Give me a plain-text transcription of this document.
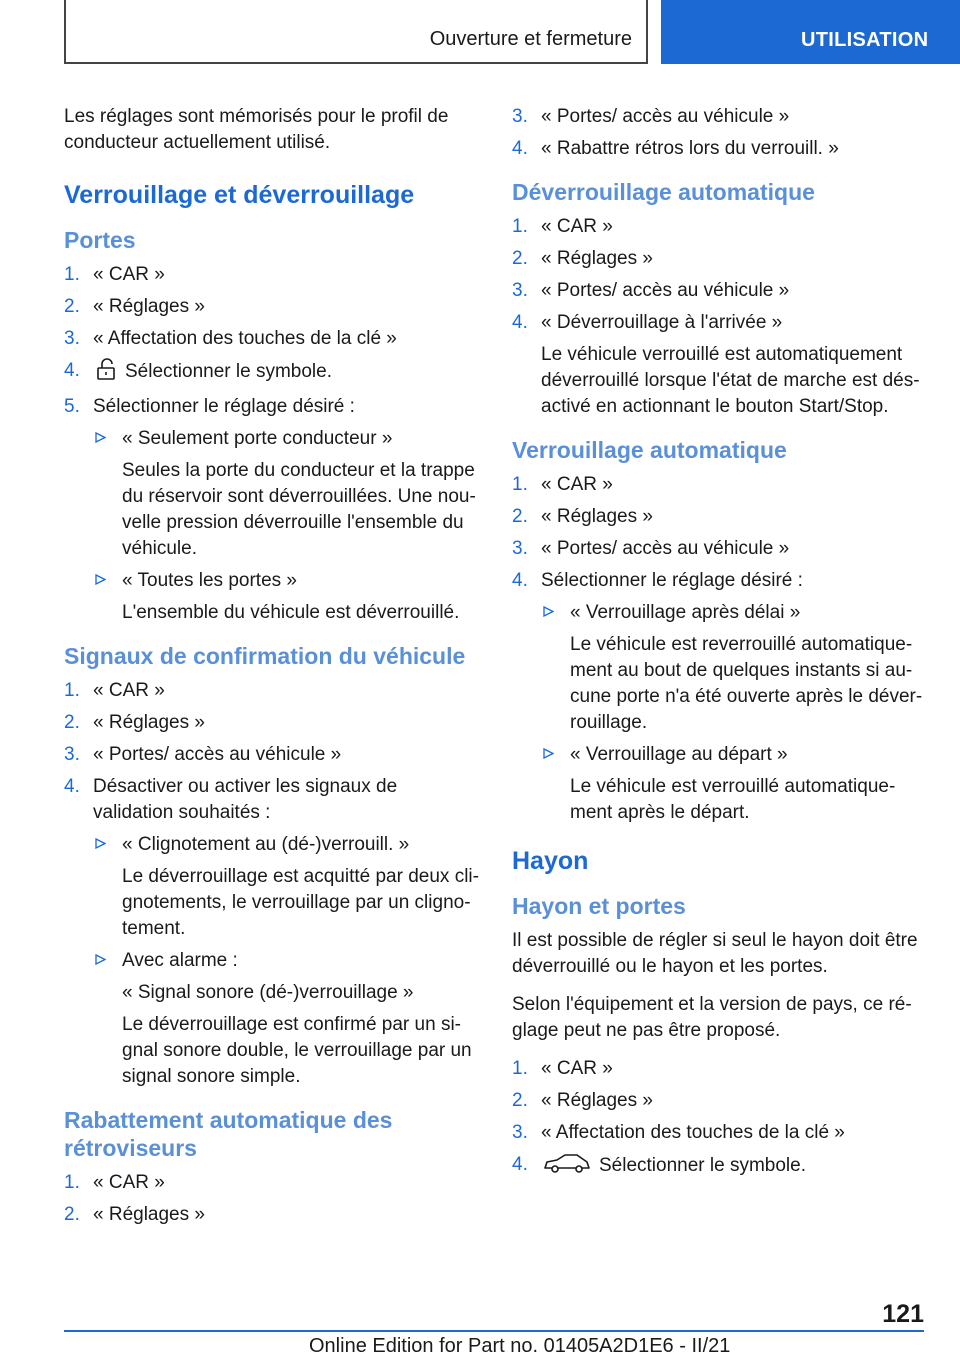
Ouverture et fermeture	UTILISATION

Les réglages sont mémorisés pour le profil de conducteur actuellement utilisé.

Verrouillage et déverrouillage
Portes
1. « CAR »
2. « Réglages »
3. « Affectation des touches de la clé »
4. Sélectionner le symbole.
5. Sélectionner le réglage désiré :
« Seulement porte conducteur »
Seules la porte du conducteur et la trappe du réservoir sont déverrouillées. Une nou-velle pression déverrouille l'ensemble du véhicule.
« Toutes les portes »
L'ensemble du véhicule est déverrouillé.
Signaux de confirmation du véhicule
1. « CAR »
2. « Réglages »
3. « Portes/ accès au véhicule »
4. Désactiver ou activer les signaux de validation souhaités :
« Clignotement au (dé-)verrouill. »
Le déverrouillage est acquitté par deux cli-gnotements, le verrouillage par un cligno-tement.
Avec alarme :
« Signal sonore (dé-)verrouillage »
Le déverrouillage est confirmé par un si-gnal sonore double, le verrouillage par un signal sonore simple.
Rabattement automatique des rétroviseurs
1. « CAR »
2. « Réglages »
3. « Portes/ accès au véhicule »
4. « Rabattre rétros lors du verrouill. »
Déverrouillage automatique
1. « CAR »
2. « Réglages »
3. « Portes/ accès au véhicule »
4. « Déverrouillage à l'arrivée »
Le véhicule verrouillé est automatiquement déverrouillé lorsque l'état de marche est dés-activé en actionnant le bouton Start/Stop.
Verrouillage automatique
1. « CAR »
2. « Réglages »
3. « Portes/ accès au véhicule »
4. Sélectionner le réglage désiré :
« Verrouillage après délai »
Le véhicule est reverrouillé automatique-ment au bout de quelques instants si au-cune porte n'a été ouverte après le déver-rouillage.
« Verrouillage au départ »
Le véhicule est verrouillé automatique-ment après le départ.
Hayon
Hayon et portes

Il est possible de régler si seul le hayon doit être déverrouillé ou le hayon et les portes.

Selon l'équipement et la version de pays, ce ré-glage peut ne pas être proposé.

1. « CAR »
2. « Réglages »
3. « Affectation des touches de la clé »
4.	Sélectionner le symbole.
121
Online Edition for Part no. 01405A2D1E6 - II/21
